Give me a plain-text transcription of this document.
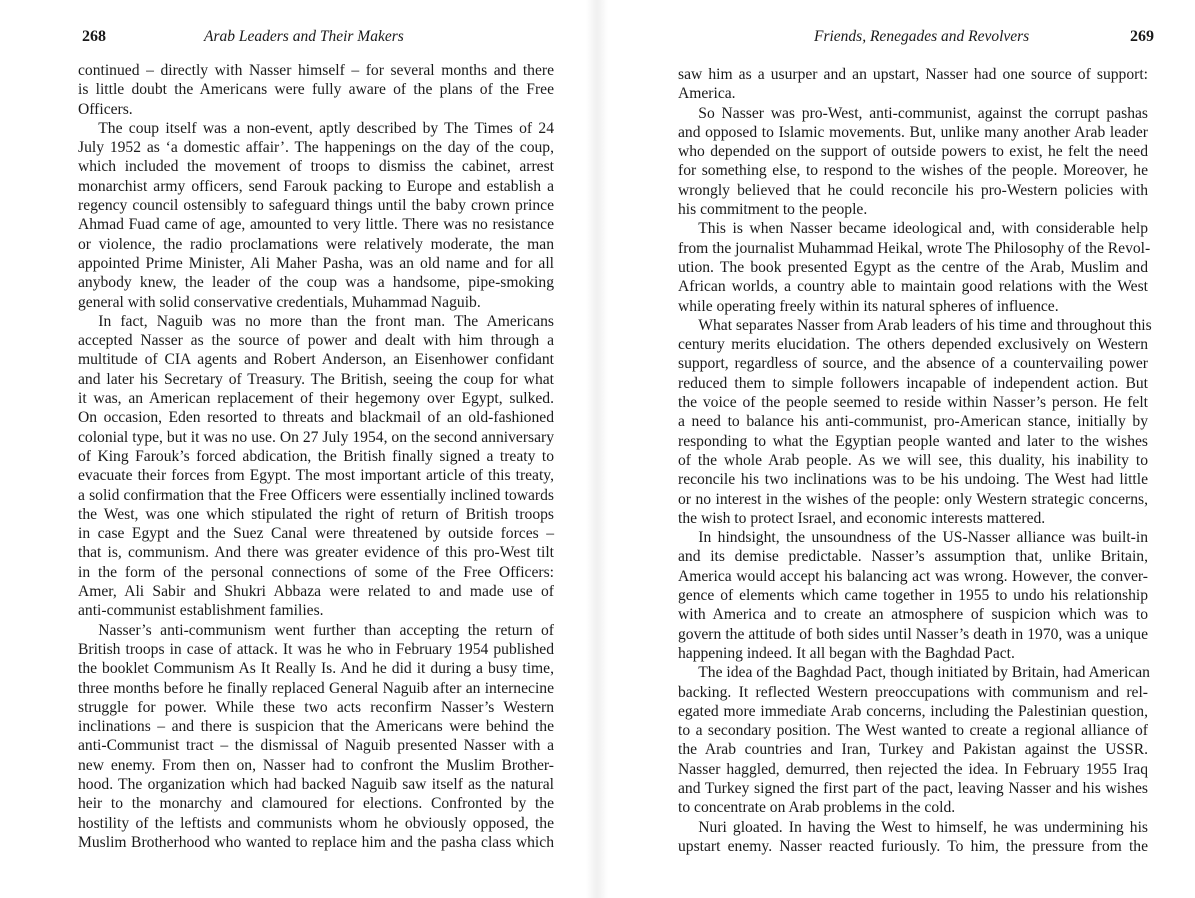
268	Arab Leaders and Their Makers
continued – directly with Nasser himself – for several months and there
is little doubt the Americans were fully aware of the plans of the Free
Officers.
The coup itself was a non-event, aptly described by The Times of 24
July 1952 as ‘a domestic affair’. The happenings on the day of the coup,
which included the movement of troops to dismiss the cabinet, arrest
monarchist army officers, send Farouk packing to Europe and establish a
regency council ostensibly to safeguard things until the baby crown prince
Ahmad Fuad came of age, amounted to very little. There was no resistance
or violence, the radio proclamations were relatively moderate, the man
appointed Prime Minister, Ali Maher Pasha, was an old name and for all
anybody knew, the leader of the coup was a handsome, pipe-smoking
general with solid conservative credentials, Muhammad Naguib.
In fact, Naguib was no more than the front man. The Americans
accepted Nasser as the source of power and dealt with him through a
multitude of CIA agents and Robert Anderson, an Eisenhower confidant
and later his Secretary of Treasury. The British, seeing the coup for what
it was, an American replacement of their hegemony over Egypt, sulked.
On occasion, Eden resorted to threats and blackmail of an old-fashioned
colonial type, but it was no use. On 27 July 1954, on the second anniversary
of King Farouk’s forced abdication, the British finally signed a treaty to
evacuate their forces from Egypt. The most important article of this treaty,
a solid confirmation that the Free Officers were essentially inclined towards
the West, was one which stipulated the right of return of British troops
in case Egypt and the Suez Canal were threatened by outside forces –
that is, communism. And there was greater evidence of this pro-West tilt
in the form of the personal connections of some of the Free Officers:
Amer, Ali Sabir and Shukri Abbaza were related to and made use of
anti-communist establishment families.
Nasser’s anti-communism went further than accepting the return of
British troops in case of attack. It was he who in February 1954 published
the booklet Communism As It Really Is. And he did it during a busy time,
three months before he finally replaced General Naguib after an internecine
struggle for power. While these two acts reconfirm Nasser’s Western
inclinations – and there is suspicion that the Americans were behind the
anti-Communist tract – the dismissal of Naguib presented Nasser with a
new enemy. From then on, Nasser had to confront the Muslim Brother-
hood. The organization which had backed Naguib saw itself as the natural
heir to the monarchy and clamoured for elections. Confronted by the
hostility of the leftists and communists whom he obviously opposed, the
Muslim Brotherhood who wanted to replace him and the pasha class which
Friends, Renegades and Revolvers	269
saw him as a usurper and an upstart, Nasser had one source of support:
America.
So Nasser was pro-West, anti-communist, against the corrupt pashas
and opposed to Islamic movements. But, unlike many another Arab leader
who depended on the support of outside powers to exist, he felt the need
for something else, to respond to the wishes of the people. Moreover, he
wrongly believed that he could reconcile his pro-Western policies with
his commitment to the people.
This is when Nasser became ideological and, with considerable help
from the journalist Muhammad Heikal, wrote The Philosophy of the Revol-
ution. The book presented Egypt as the centre of the Arab, Muslim and
African worlds, a country able to maintain good relations with the West
while operating freely within its natural spheres of influence.
What separates Nasser from Arab leaders of his time and throughout this
century merits elucidation. The others depended exclusively on Western
support, regardless of source, and the absence of a countervailing power
reduced them to simple followers incapable of independent action. But
the voice of the people seemed to reside within Nasser’s person. He felt
a need to balance his anti-communist, pro-American stance, initially by
responding to what the Egyptian people wanted and later to the wishes
of the whole Arab people. As we will see, this duality, his inability to
reconcile his two inclinations was to be his undoing. The West had little
or no interest in the wishes of the people: only Western strategic concerns,
the wish to protect Israel, and economic interests mattered.
In hindsight, the unsoundness of the US-Nasser alliance was built-in
and its demise predictable. Nasser’s assumption that, unlike Britain,
America would accept his balancing act was wrong. However, the conver-
gence of elements which came together in 1955 to undo his relationship
with America and to create an atmosphere of suspicion which was to
govern the attitude of both sides until Nasser’s death in 1970, was a unique
happening indeed. It all began with the Baghdad Pact.
The idea of the Baghdad Pact, though initiated by Britain, had American
backing. It reflected Western preoccupations with communism and rel-
egated more immediate Arab concerns, including the Palestinian question,
to a secondary position. The West wanted to create a regional alliance of
the Arab countries and Iran, Turkey and Pakistan against the USSR.
Nasser haggled, demurred, then rejected the idea. In February 1955 Iraq
and Turkey signed the first part of the pact, leaving Nasser and his wishes
to concentrate on Arab problems in the cold.
Nuri gloated. In having the West to himself, he was undermining his
upstart enemy. Nasser reacted furiously. To him, the pressure from the
